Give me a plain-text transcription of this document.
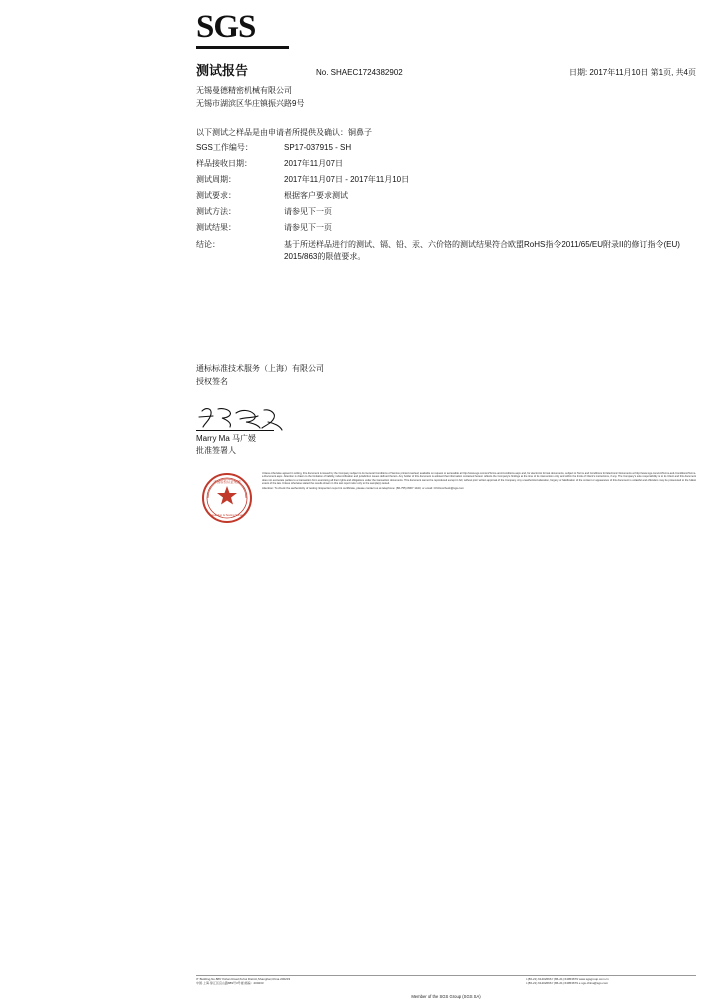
SGS
测试报告	No. SHAEC1724382902	日期: 2017年11月10日 第1页, 共4页
无锡曼德精密机械有限公司
无锡市湖滨区华庄镇振兴路9号
以下测试之样品是由申请者所提供及确认：铜鼻子
SGS工作编号：	SP17-037915 - SH
样品接收日期：	2017年11月07日
测试周期：	2017年11月07日 - 2017年11月10日
测试要求：	根据客户要求测试
测试方法：	请参见下一页
测试结果：	请参见下一页
结论：	基于所送样品进行的测试、镉、铅、汞、六价铬的测试结果符合欧盟RoHS指令2011/65/EU附录II的修订指令(EU) 2015/863的限值要求。
通标标准技术服务（上海）有限公司
授权签名
Marry Ma 马广媛
批准签署人
中国检验认证集团
Inspection & Testing Service

Unless otherwise agreed in writing, this document is issued by the Company subject to its General Conditions of Service printed overleaf, available on request or accessible at http://www.sgs.com/en/Terms-and-Conditions.aspx and, for electronic format documents, subject to Terms and Conditions for Electronic Documents at http://www.sgs.com/en/Terms-and-Conditions/Terms-e-Document.aspx. Attention is drawn to the limitation of liability, indemnification and jurisdiction issues defined therein. Any holder of this document is advised that information contained hereon reflects the Company's findings at the time of its intervention only and within the limits of Client's instructions, if any. The Company's sole responsibility is to its Client and this document does not exonerate parties to a transaction from exercising all their rights and obligations under the transaction documents. This document cannot be reproduced except in full, without prior written approval of the Company. Any unauthorized alteration, forgery or falsification of the content or appearance of this document is unlawful and offenders may be prosecuted to the fullest extent of the law. Unless otherwise stated the results shown in this test report refer only to the sample(s) tested.

Attention: To check the authenticity of testing /inspection report & certificate, please contact us at telephone: (86-755) 8307 1443, or email: CN.Doccheck@sgs.com

3" Building,No.889 Yishan Road,Xuhui District,Shanghai,China 200233
中国·上海·徐汇区宜山路889号3号楼 邮编：200233
t (86-21) 61402666 f (86-21) 64953679 www.sgsgroup.com.cn
t (86-21) 61402666 f (86-21) 64953679 e sgs.china@sgs.com
Member of the SGS Group (SGS SA)
